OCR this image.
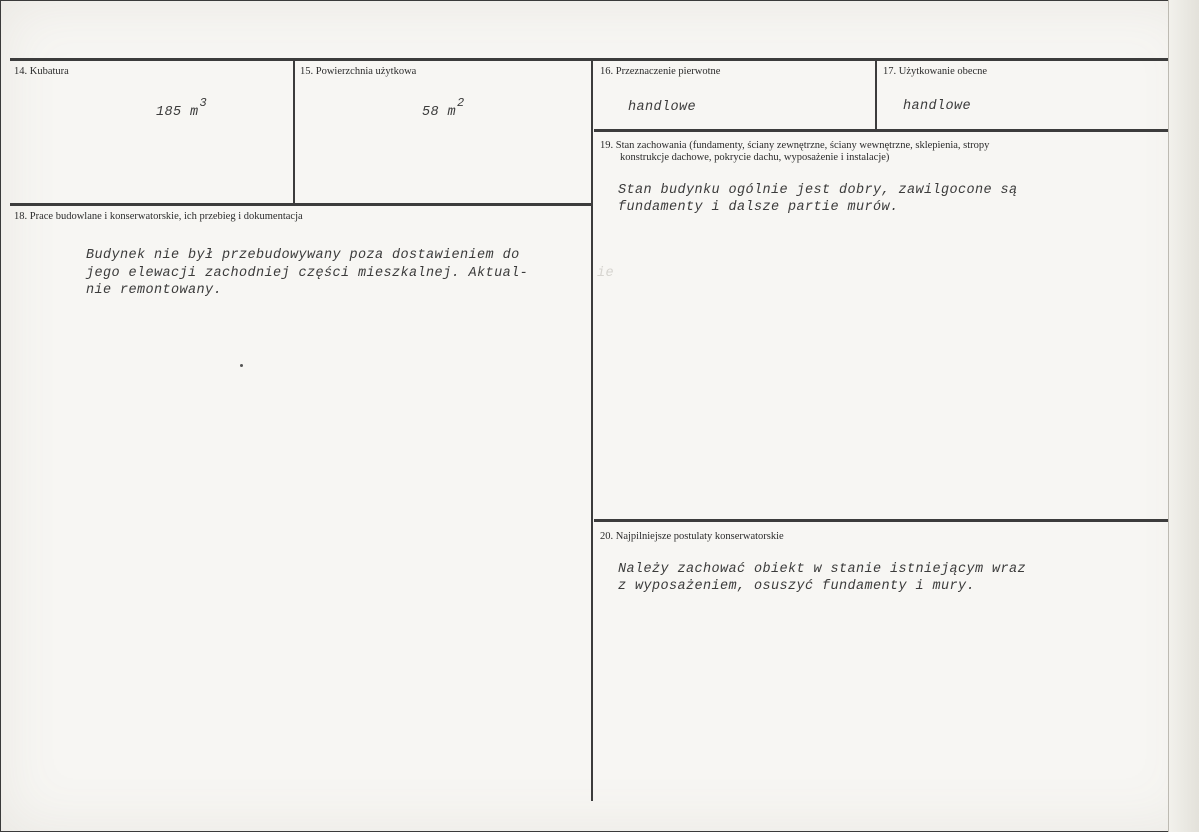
14. Kubatura
185 m3
15. Powierzchnia użytkowa
58 m2
16. Przeznaczenie pierwotne
handlowe
17. Użytkowanie obecne
handlowe
18. Prace budowlane i konserwatorskie, ich przebieg i dokumentacja
Budynek nie był przebudowywany poza dostawieniem do
jego elewacji zachodniej części mieszkalnej. Aktual-	ie
nie remontowany.
19. Stan zachowania (fundamenty, ściany zewnętrzne, ściany wewnętrzne, sklepienia, stropy
konstrukcje dachowe, pokrycie dachu, wyposażenie i instalacje)
Stan budynku ogólnie jest dobry, zawilgocone są
fundamenty i dalsze partie murów.
20. Najpilniejsze postulaty konserwatorskie
Należy zachować obiekt w stanie istniejącym wraz
z wyposażeniem, osuszyć fundamenty i mury.
